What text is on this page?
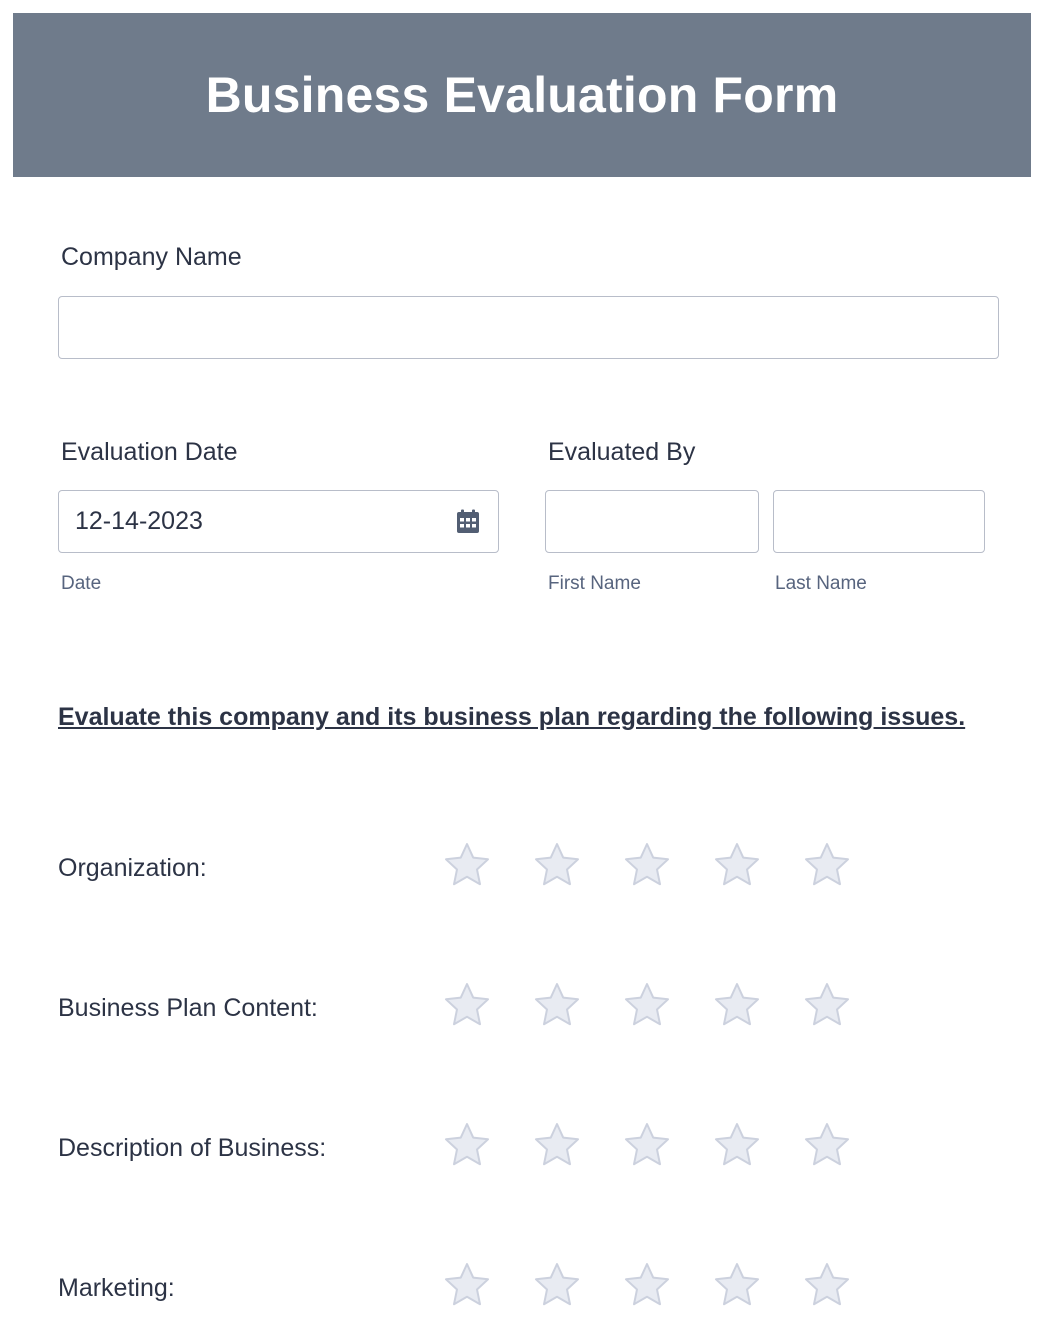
Business Evaluation Form
Company Name
Evaluation Date
12-14-2023
Date
Evaluated By
First Name	Last Name
Evaluate this company and its business plan regarding the following issues.
Organization:
Business Plan Content:
Description of Business:
Marketing:
